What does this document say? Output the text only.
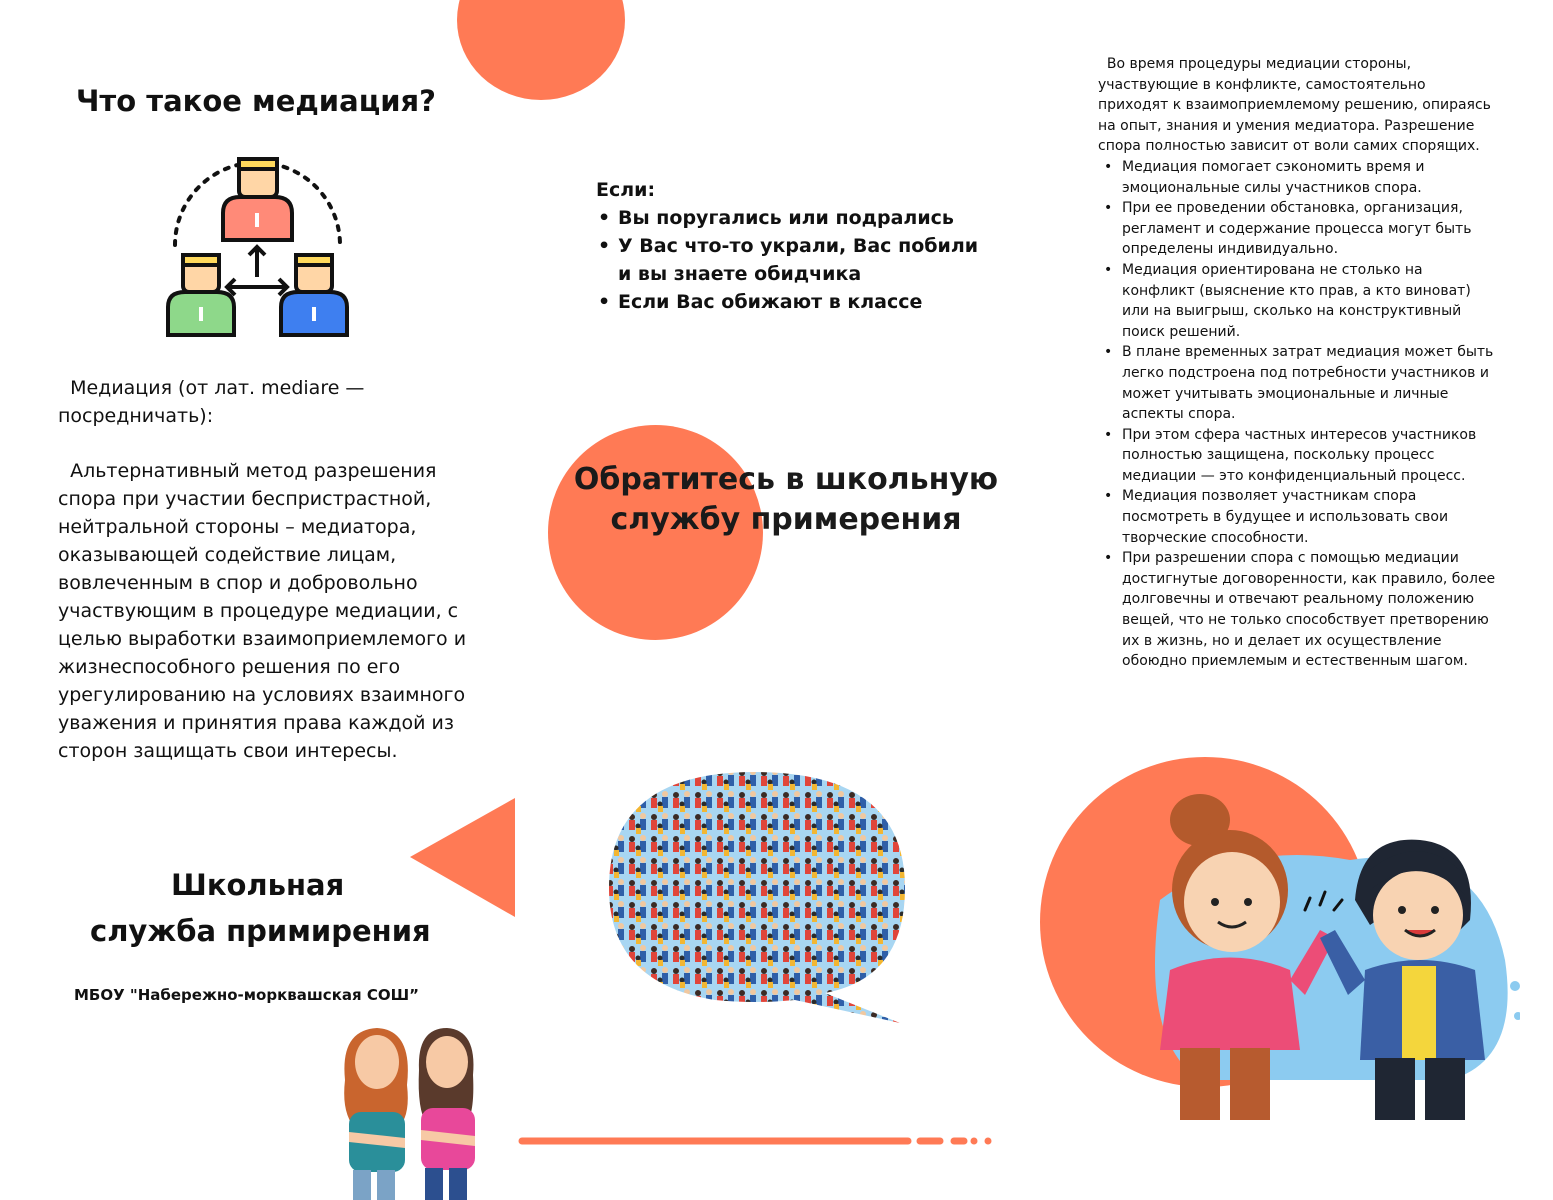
Что такое медиация?
Медиация (от лат. mediare —
посредничать):
Альтернативный метод разрешения спора при участии беспристрастной, нейтральной стороны – медиатора, оказывающей содействие лицам, вовлеченным в спор и добровольно участвующим в процедуре медиации, с целью выработки взаимоприемлемого и жизнеспособного решения по его урегулированию на условиях взаимного уважения и принятия права каждой из сторон защищать свои интересы.
Школьная
служба примирения
МБОУ "Набережно-морквашская СОШ”
Если:
• Вы поругались или подрались
• У Вас что-то украли, Вас побили и вы знаете обидчика
• Если Вас обижают в классе
Обратитесь в школьную службу примерения
Во время процедуры медиации стороны, участвующие в конфликте, самостоятельно приходят к взаимоприемлемому решению, опираясь на опыт, знания и умения медиатора. Разрешение спора полностью зависит от воли самих спорящих.
• Медиация помогает сэкономить время и эмоциональные силы участников спора.
• При ее проведении обстановка, организация, регламент и содержание процесса могут быть определены индивидуально.
• Медиация ориентирована не столько на конфликт (выяснение кто прав, а кто виноват) или на выигрыш, сколько на конструктивный поиск решений.
• В плане временных затрат медиация может быть легко подстроена под потребности участников и может учитывать эмоциональные и личные аспекты спора.
• При этом сфера частных интересов участников полностью защищена, поскольку процесс медиации — это конфиденциальный процесс.
• Медиация позволяет участникам спора посмотреть в будущее и использовать свои творческие способности.
• При разрешении спора с помощью медиации достигнутые договоренности, как правило, более долговечны и отвечают реальному положению вещей, что не только способствует претворению их в жизнь, но и делает их осуществление обоюдно приемлемым и естественным шагом.
